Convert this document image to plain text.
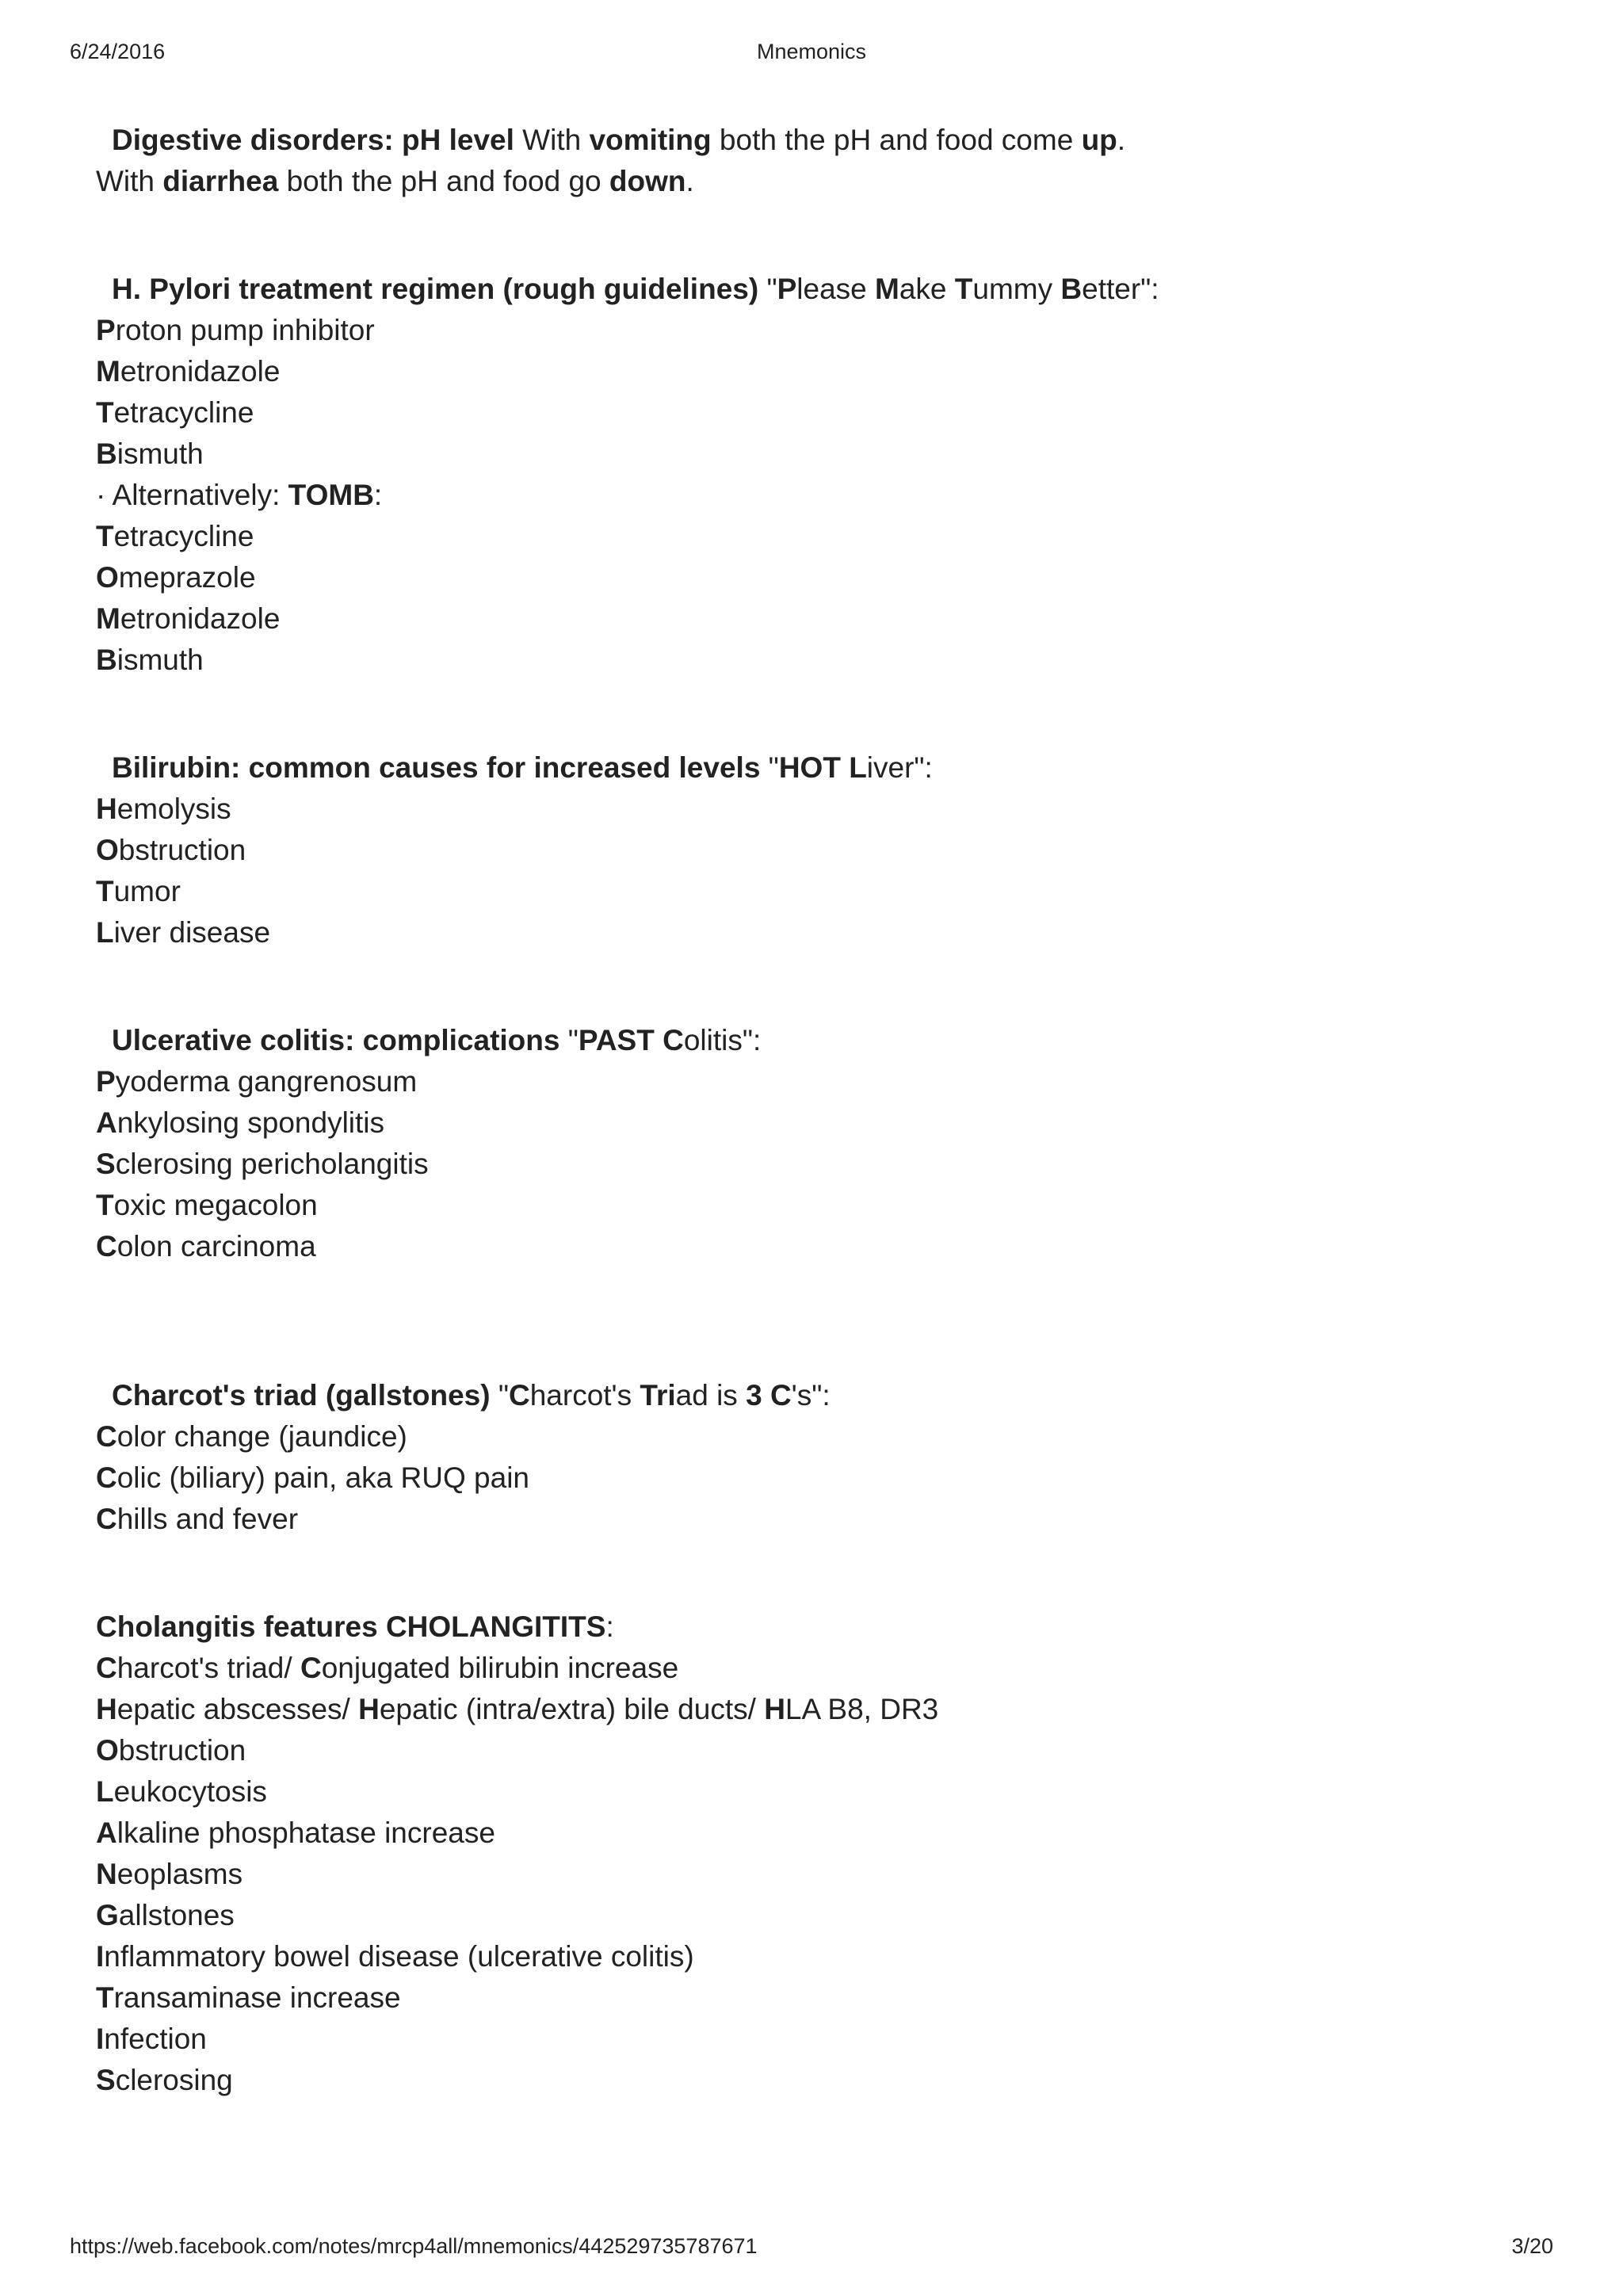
6/24/2016	Mnemonics
Digestive disorders: pH level With vomiting both the pH and food come up.
With diarrhea both the pH and food go down.
H. Pylori treatment regimen (rough guidelines) "Please Make Tummy Better":
Proton pump inhibitor
Metronidazole
Tetracycline
Bismuth
· Alternatively: TOMB:
Tetracycline
Omeprazole
Metronidazole
Bismuth
Bilirubin: common causes for increased levels "HOT Liver":
Hemolysis
Obstruction
Tumor
Liver disease
Ulcerative colitis: complications "PAST Colitis":
Pyoderma gangrenosum
Ankylosing spondylitis
Sclerosing pericholangitis
Toxic megacolon
Colon carcinoma
Charcot's triad (gallstones) "Charcot's Triad is 3 C's":
Color change (jaundice)
Colic (biliary) pain, aka RUQ pain
Chills and fever
Cholangitis features CHOLANGITITS:
Charcot's triad/ Conjugated bilirubin increase
Hepatic abscesses/ Hepatic (intra/extra) bile ducts/ HLA B8, DR3
Obstruction
Leukocytosis
Alkaline phosphatase increase
Neoplasms
Gallstones
Inflammatory bowel disease (ulcerative colitis)
Transaminase increase
Infection
Sclerosing
https://web.facebook.com/notes/mrcp4all/mnemonics/442529735787671	3/20
